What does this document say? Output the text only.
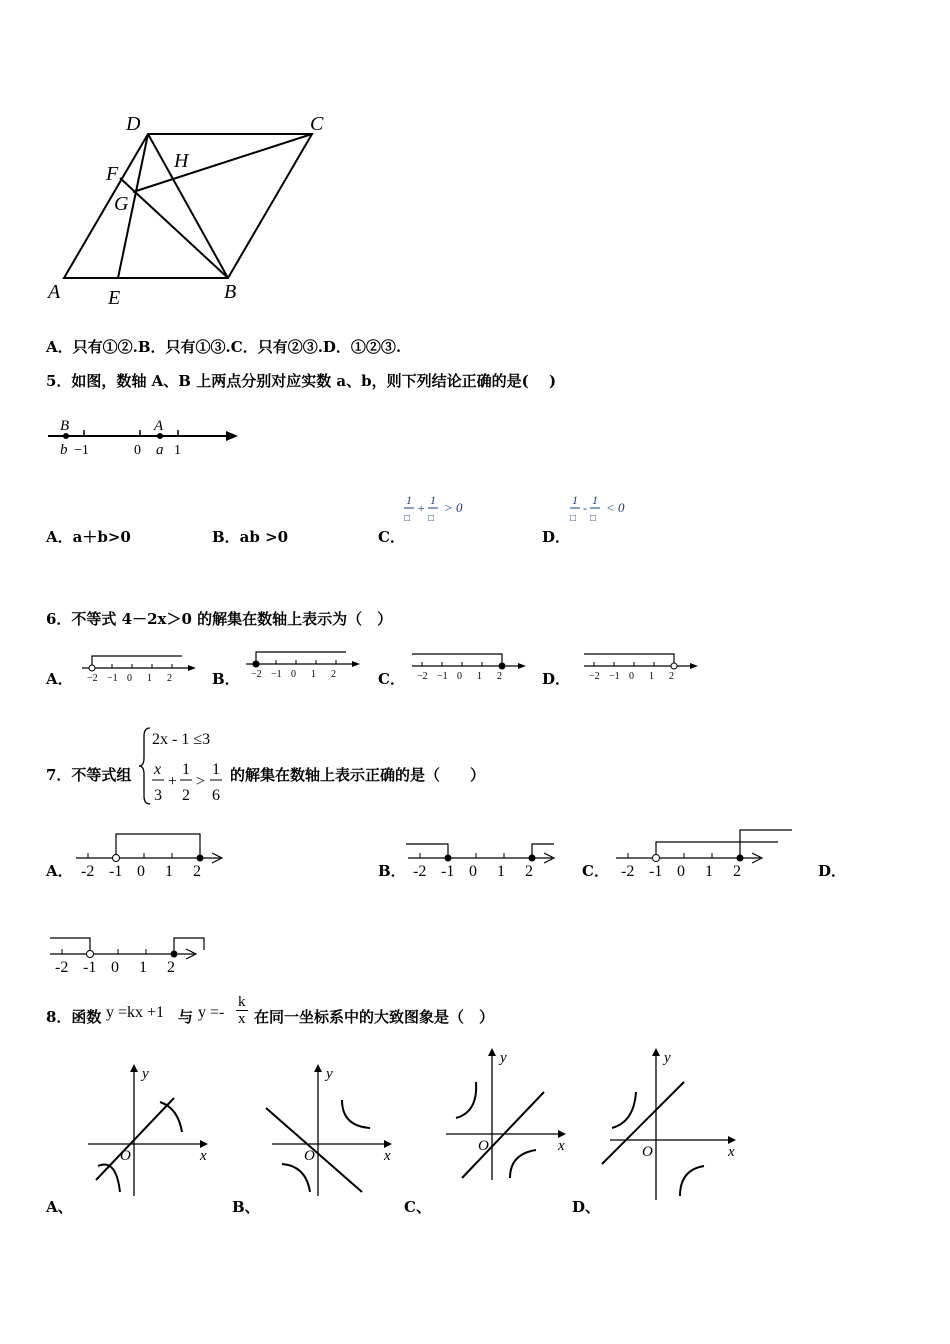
D	C
H
F
G
A E	B
A．只有①②.B．只有①③.C．只有②③.D．①②③.
5．如图，数轴 A、B 上两点分别对应实数 a、b，则下列结论正确的是(　 )
B
b −1	0
A
a 1
A．a＋b>0	B．ab >0	C．
1
□
+
1
□
> 0
D．
1
□
-
1
□
< 0
6．不等式 4－2x＞0 的解集在数轴上表示为（　）
A．	B．	C．	D．
−2 −1 0 1 2	−2 −1 0 1 2	−2 −1 0 1 2	−2 −1 0 1 2
7．不等式组
2x - 1 ≤3
x
3
+
1
2
>
1
6
的解集在数轴上表示正确的是（　　）
A．	B．	C．	D．
-2 -1 0 1 2	-2 -1 0 1 2	-2 -1 0 1 2
-2 -1 0 1 2
8．函数 y =kx +1 与 $y =- \frac{k}{x}$ 在同一坐标系中的大致图象是（　）
x
y
O	x
y
O
x
y
O	x
y
O
A、	B、	C、	D、
